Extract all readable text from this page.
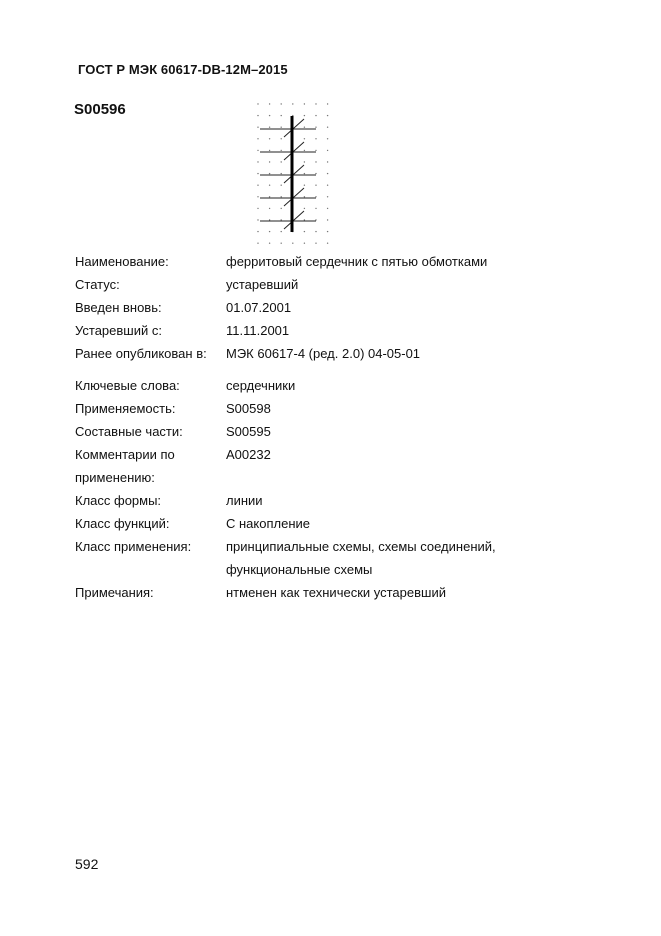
ГОСТ Р МЭК 60617-DB-12M–2015
S00596
Наименование:	ферритовый сердечник с пятью обмотками
Статус:	устаревший
Введен вновь:	01.07.2001
Устаревший с:	11.11.2001
Ранее опубликован в:	МЭК 60617-4 (ред. 2.0) 04-05-01
Ключевые слова:	сердечники
Применяемость:	S00598
Составные части:	S00595
Комментарии по	A00232
применению:
Класс формы:	линии
Класс функций:	C накопление
Класс применения:	принципиальные схемы, схемы соединений,
функциональные схемы
Примечания:	нтменен как технически устаревший
592
